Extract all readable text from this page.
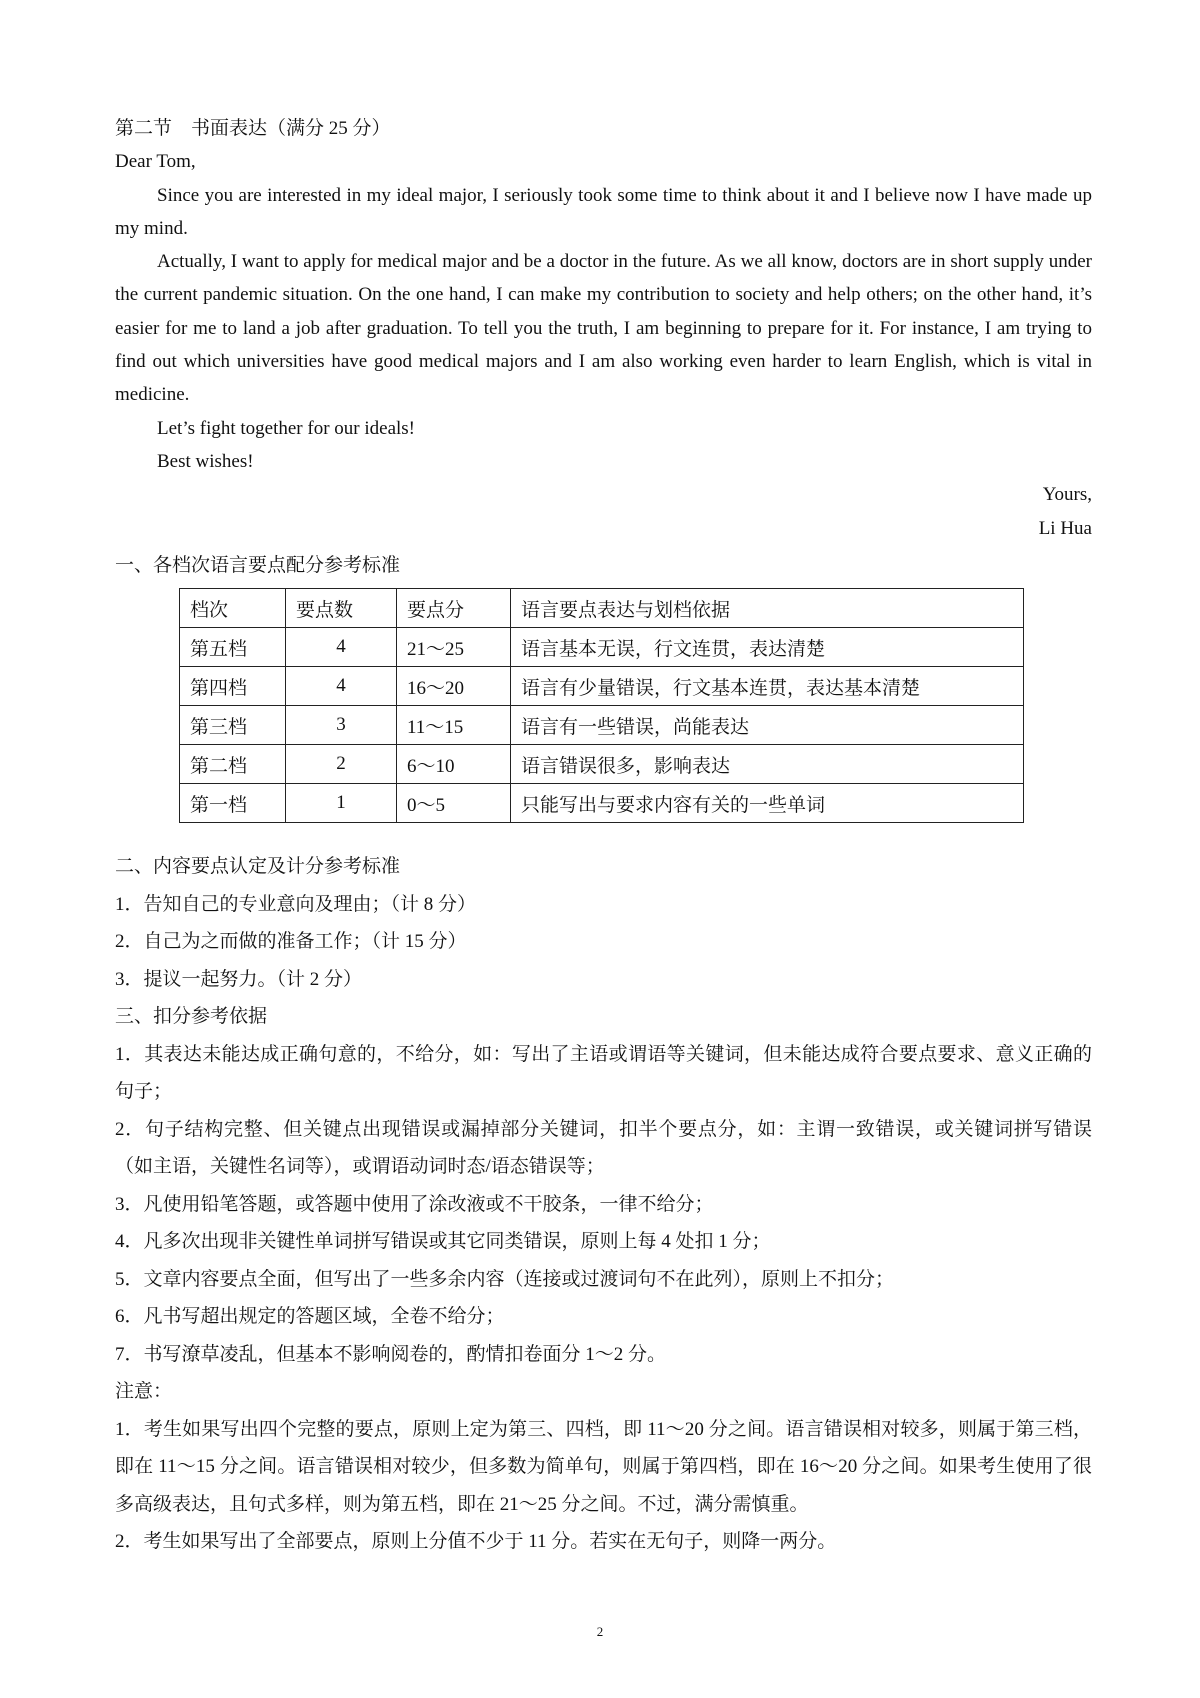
第二节　书面表达（满分 25 分）

Dear Tom,

Since you are interested in my ideal major, I seriously took some time to think about it and I believe now I have made up my mind.

Actually, I want to apply for medical major and be a doctor in the future. As we all know, doctors are in short supply under the current pandemic situation. On the one hand, I can make my contribution to society and help others; on the other hand, it’s easier for me to land a job after graduation. To tell you the truth, I am beginning to prepare for it. For instance, I am trying to find out which universities have good medical majors and I am also working even harder to learn English, which is vital in medicine.

Let’s fight together for our ideals!

Best wishes!

Yours,

Li Hua

一、各档次语言要点配分参考标准
档次	要点数	要点分	语言要点表达与划档依据
第五档	4	21～25	语言基本无误，行文连贯，表达清楚
第四档	4	16～20	语言有少量错误，行文基本连贯，表达基本清楚
第三档	3	11～15	语言有一些错误，尚能表达
第二档	2	6～10	语言错误很多，影响表达
第一档	1	0～5	只能写出与要求内容有关的一些单词

二、内容要点认定及计分参考标准

1．告知自己的专业意向及理由；（计 8 分）

2．自己为之而做的准备工作；（计 15 分）

3．提议一起努力。（计 2 分）

三、扣分参考依据

1．其表达未能达成正确句意的，不给分，如：写出了主语或谓语等关键词，但未能达成符合要点要求、意义正确的句子；

2．句子结构完整、但关键点出现错误或漏掉部分关键词，扣半个要点分，如：主谓一致错误，或关键词拼写错误（如主语，关键性名词等），或谓语动词时态/语态错误等；

3．凡使用铅笔答题，或答题中使用了涂改液或不干胶条，一律不给分；

4．凡多次出现非关键性单词拼写错误或其它同类错误，原则上每 4 处扣 1 分；

5．文章内容要点全面，但写出了一些多余内容（连接或过渡词句不在此列），原则上不扣分；

6．凡书写超出规定的答题区域，全卷不给分；

7．书写潦草凌乱，但基本不影响阅卷的，酌情扣卷面分 1～2 分。

注意：

1．考生如果写出四个完整的要点，原则上定为第三、四档，即 11～20 分之间。语言错误相对较多，则属于第三档，即在 11～15 分之间。语言错误相对较少，但多数为简单句，则属于第四档，即在 16～20 分之间。如果考生使用了很多高级表达，且句式多样，则为第五档，即在 21～25 分之间。不过，满分需慎重。

2．考生如果写出了全部要点，原则上分值不少于 11 分。若实在无句子，则降一两分。

2
